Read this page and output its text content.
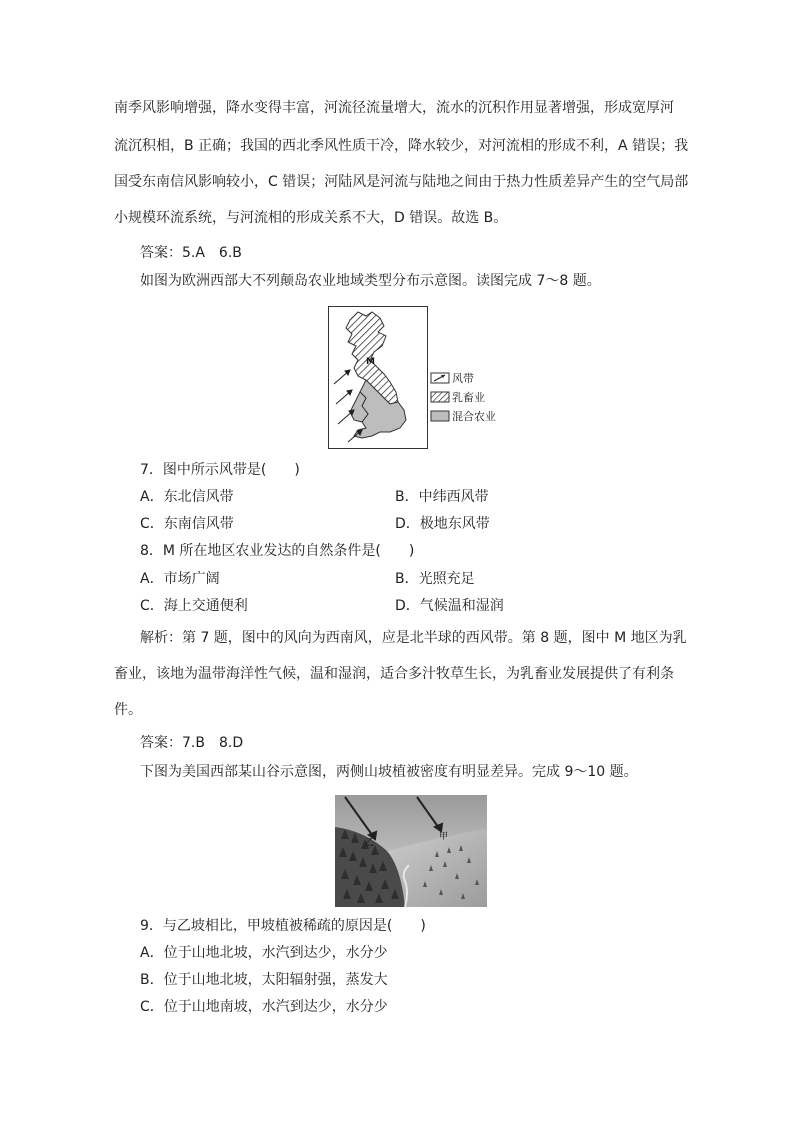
南季风影响增强，降水变得丰富，河流径流量增大，流水的沉积作用显著增强，形成宽厚河
流沉积相，B 正确；我国的西北季风性质干冷，降水较少，对河流相的形成不利，A 错误；我
国受东南信风影响较小，C 错误；河陆风是河流与陆地之间由于热力性质差异产生的空气局部
小规模环流系统，与河流相的形成关系不大，D 错误。故选 B。
答案：5.A　6.B
如图为欧洲西部大不列颠岛农业地域类型分布示意图。读图完成 7～8 题。
M
风带
乳畜业
混合农业
7．图中所示风带是(　　)
A．东北信风带	B．中纬西风带
C．东南信风带	D．极地东风带
8．M 所在地区农业发达的自然条件是(　　)
A．市场广阔	B．光照充足
C．海上交通便利	D．气候温和湿润
解析：第 7 题，图中的风向为西南风，应是北半球的西风带。第 8 题，图中 M 地区为乳
畜业，该地为温带海洋性气候，温和湿润，适合多汁牧草生长，为乳畜业发展提供了有利条
件。
答案：7.B　8.D
下图为美国西部某山谷示意图，两侧山坡植被密度有明显差异。完成 9～10 题。
乙
甲
9．与乙坡相比，甲坡植被稀疏的原因是(　　)
A．位于山地北坡，水汽到达少，水分少
B．位于山地北坡，太阳辐射强，蒸发大
C．位于山地南坡，水汽到达少，水分少
